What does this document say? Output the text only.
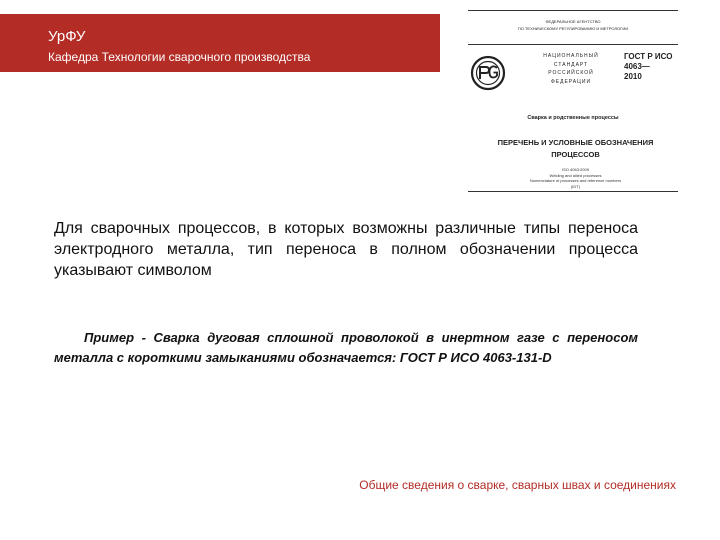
УрФУ
Кафедра Технологии сварочного производства
ФЕДЕРАЛЬНОЕ АГЕНТСТВО
ПО ТЕХНИЧЕСКОМУ РЕГУЛИРОВАНИЮ И МЕТРОЛОГИИ
НАЦИОНАЛЬНЫЙ
СТАНДАРТ
РОССИЙСКОЙ
ФЕДЕРАЦИИ
ГОСТ Р ИСО
4063—
2010
Сварка и родственные процессы
ПЕРЕЧЕНЬ И УСЛОВНЫЕ ОБОЗНАЧЕНИЯ
ПРОЦЕССОВ
ISO 4063:2009
Welding and allied processes
Nomenclature of processes and reference numbers
(IDT)
Для сварочных процессов, в которых возможны различные типы переноса электродного металла, тип переноса в полном обозначении процесса указывают символом
Пример - Сварка дуговая сплошной проволокой в инертном газе с переносом металла с короткими замыканиями обозначается: ГОСТ Р ИСО 4063-131-D
Общие сведения о сварке, сварных швах и соединениях
